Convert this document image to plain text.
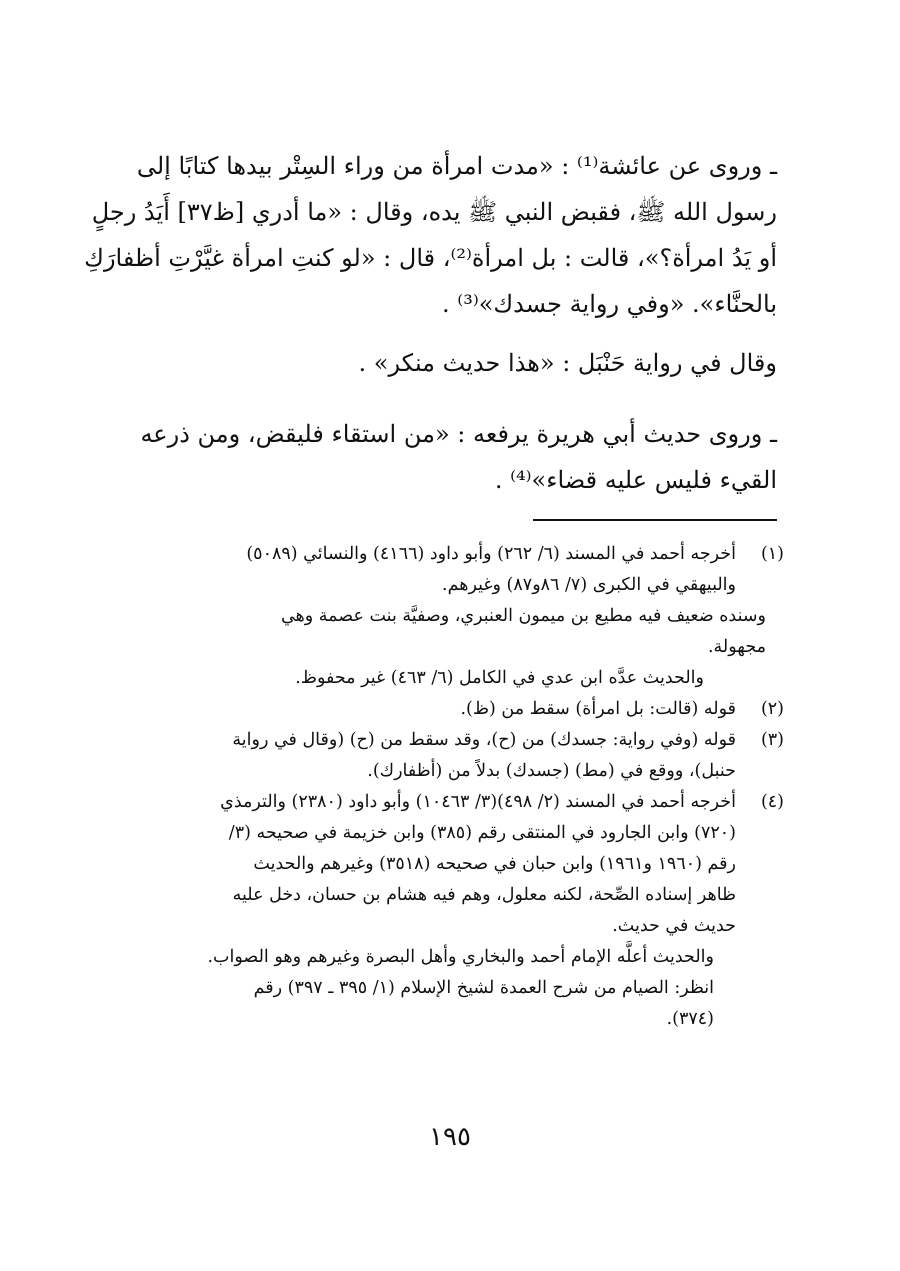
ـ وروى عن عائشة⁽¹⁾ : «مدت امرأة من وراء السِتْر بيدها كتابًا إلى
رسول الله ﷺ، فقبض النبي ﷺ يده، وقال : «ما أدري [ظ٣٧] أَيَدُ رجلٍ
أو يَدُ امرأة؟»، قالت : بل امرأة⁽²⁾، قال : «لو كنتِ امرأة غيَّرْتِ أظفارَكِ
بالحنَّاء». «وفي رواية جسدك»⁽³⁾ .
وقال في رواية حَنْبَل : «هذا حديث منكر» .
ـ وروى حديث أبي هريرة يرفعه : «من استقاء فليقض، ومن ذرعه
القيء فليس عليه قضاء»⁽⁴⁾ .
(١)
أخرجه أحمد في المسند (٦/ ٢٦٢) وأبو داود (٤١٦٦) والنسائي (٥٠٨٩)
والبيهقي في الكبرى (٧/ ٨٦و٨٧) وغيرهم.
وسنده ضعيف فيه مطيع بن ميمون العنبري، وصفيَّة بنت عصمة وهي
مجهولة.
والحديث عدَّه ابن عدي في الكامل (٦/ ٤٦٣) غير محفوظ.
(٢)
قوله (قالت: بل امرأة) سقط من (ظ).
(٣)
قوله (وفي رواية: جسدك) من (ح)، وقد سقط من (ح) (وقال في رواية
حنبل)، ووقع في (مط) (جسدك) بدلاً من (أظفارك).
(٤)
أخرجه أحمد في المسند (٢/ ٤٩٨)(٣/ ١٠٤٦٣) وأبو داود (٢٣٨٠) والترمذي
(٧٢٠) وابن الجارود في المنتقى رقم (٣٨٥) وابن خزيمة في صحيحه (٣/
رقم (١٩٦٠ و١٩٦١) وابن حبان في صحيحه (٣٥١٨) وغيرهم والحديث
ظاهر إسناده الصِّحة، لكنه معلول، وهم فيه هشام بن حسان، دخل عليه
حديث في حديث.
والحديث أعلَّه الإمام أحمد والبخاري وأهل البصرة وغيرهم وهو الصواب.
انظر: الصيام من شرح العمدة لشيخ الإسلام (١/ ٣٩٥ ـ ٣٩٧) رقم
(٣٧٤).
١٩٥
